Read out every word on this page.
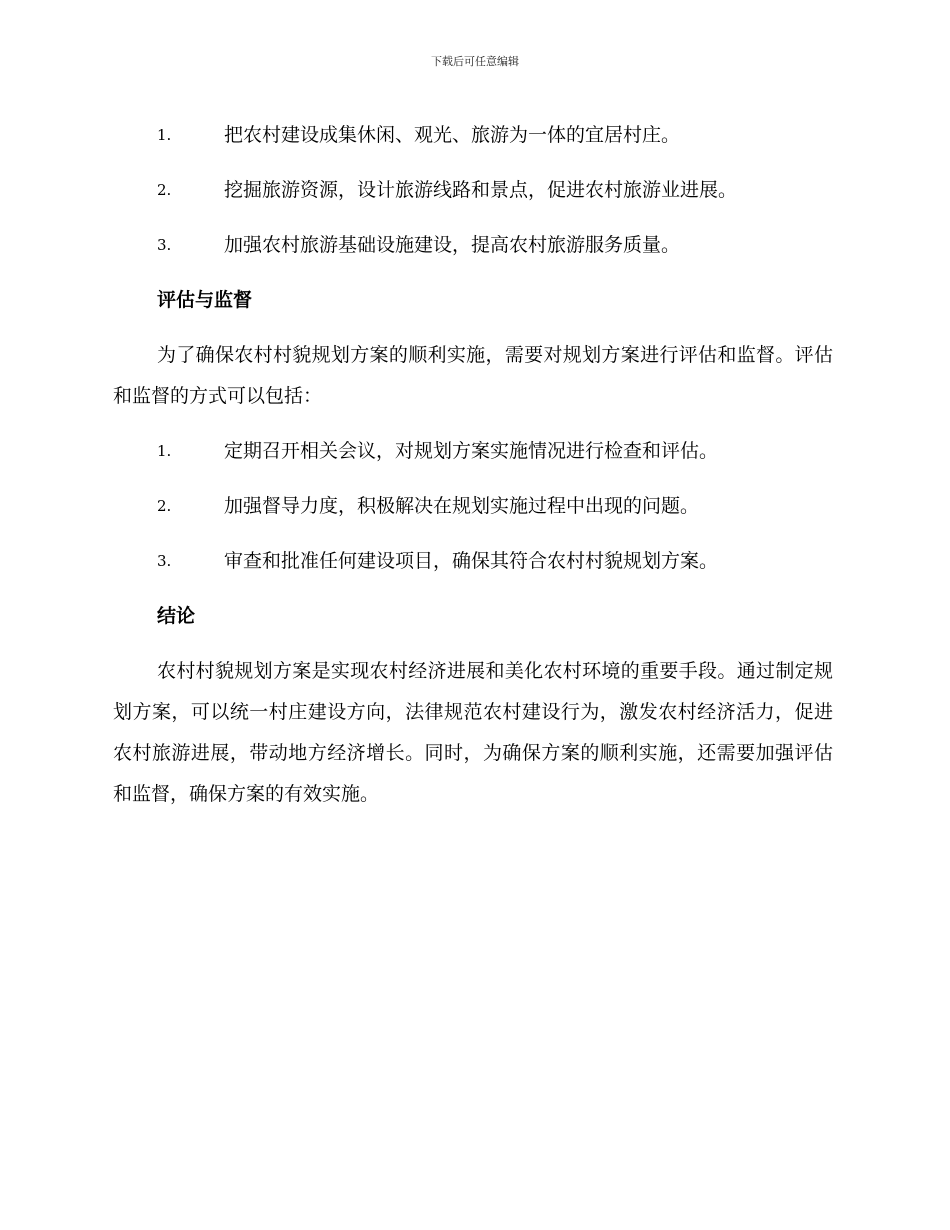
下载后可任意编辑
1.	把农村建设成集休闲、观光、旅游为一体的宜居村庄。
2.	挖掘旅游资源，设计旅游线路和景点，促进农村旅游业进展。
3.	加强农村旅游基础设施建设，提高农村旅游服务质量。
评估与监督

为了确保农村村貌规划方案的顺利实施，需要对规划方案进行评估和监督。评估和监督的方式可以包括：

1.	定期召开相关会议，对规划方案实施情况进行检查和评估。
2.	加强督导力度，积极解决在规划实施过程中出现的问题。
3.	审查和批准任何建设项目，确保其符合农村村貌规划方案。
结论

农村村貌规划方案是实现农村经济进展和美化农村环境的重要手段。通过制定规划方案，可以统一村庄建设方向，法律规范农村建设行为，激发农村经济活力，促进农村旅游进展，带动地方经济增长。同时，为确保方案的顺利实施，还需要加强评估和监督，确保方案的有效实施。
